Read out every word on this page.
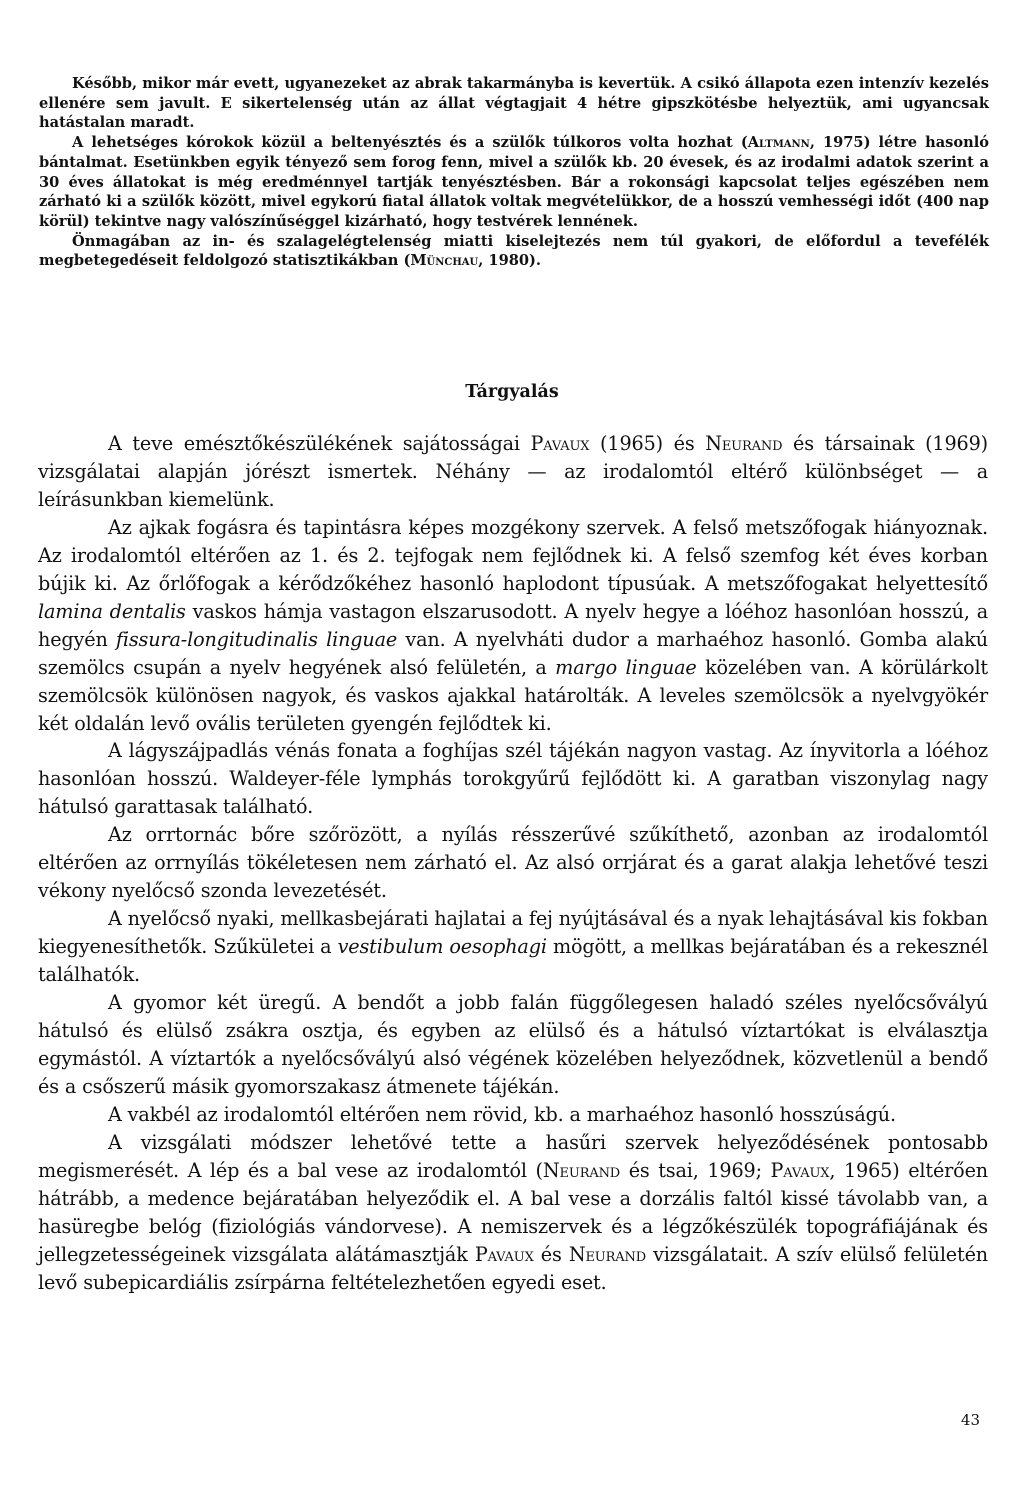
Később, mikor már evett, ugyanezeket az abrak takarmányba is kevertük. A csikó állapota ezen intenzív kezelés ellenére sem javult. E sikertelenség után az állat végtagjait 4 hétre gipszkötésbe helyeztük, ami ugyancsak hatástalan maradt.

A lehetséges kórokok közül a beltenyésztés és a szülők túlkoros volta hozhat (Altmann, 1975) létre hasonló bántalmat. Esetünkben egyik tényező sem forog fenn, mivel a szülők kb. 20 évesek, és az irodalmi adatok szerint a 30 éves állatokat is még eredménnyel tartják tenyésztésben. Bár a rokonsági kapcsolat teljes egészében nem zárható ki a szülők között, mivel egykorú fiatal állatok voltak megvételükkor, de a hosszú vemhességi időt (400 nap körül) tekintve nagy valószínűséggel kizárható, hogy testvérek lennének.

Önmagában az in- és szalagelégtelenség miatti kiselejtezés nem túl gyakori, de előfordul a tevefélék megbetegedéseit feldolgozó statisztikákban (Münchau, 1980).

Tárgyalás

A teve emésztőkészülékének sajátosságai Pavaux (1965) és Neurand és társainak (1969) vizsgálatai alapján jórészt ismertek. Néhány — az irodalomtól eltérő különbséget — a leírásunkban kiemelünk.

Az ajkak fogásra és tapintásra képes mozgékony szervek. A felső metszőfogak hiányoznak. Az irodalomtól eltérően az 1. és 2. tejfogak nem fejlődnek ki. A felső szemfog két éves korban bújik ki. Az őrlőfogak a kérődzőkéhez hasonló haplodont típusúak. A metszőfogakat helyettesítő lamina dentalis vaskos hámja vastagon elszarusodott. A nyelv hegye a lóéhoz hasonlóan hosszú, a hegyén fissura-longitudinalis linguae van. A nyelvháti dudor a marhaéhoz hasonló. Gomba alakú szemölcs csupán a nyelv hegyének alsó felületén, a margo linguae közelében van. A körülárkolt szemölcsök különösen nagyok, és vaskos ajakkal határolták. A leveles szemölcsök a nyelvgyökér két oldalán levő ovális területen gyengén fejlődtek ki.

A lágyszájpadlás vénás fonata a foghíjas szél tájékán nagyon vastag. Az ínyvitorla a lóéhoz hasonlóan hosszú. Waldeyer-féle lymphás torokgyűrű fejlődött ki. A garatban viszonylag nagy hátulsó garattasak található.

Az orrtornác bőre szőrözött, a nyílás résszerűvé szűkíthető, azonban az irodalomtól eltérően az orrnyílás tökéletesen nem zárható el. Az alsó orrjárat és a garat alakja lehetővé teszi vékony nyelőcső szonda levezetését.

A nyelőcső nyaki, mellkasbejárati hajlatai a fej nyújtásával és a nyak lehajtásával kis fokban kiegyenesíthetők. Szűkületei a vestibulum oesophagi mögött, a mellkas bejáratában és a rekesznél találhatók.

A gyomor két üregű. A bendőt a jobb falán függőlegesen haladó széles nyelőcsővályú hátulsó és elülső zsákra osztja, és egyben az elülső és a hátulsó víztartókat is elválasztja egymástól. A víztartók a nyelőcsővályú alsó végének közelében helyeződnek, közvetlenül a bendő és a csőszerű másik gyomorszakasz átmenete tájékán.

A vakbél az irodalomtól eltérően nem rövid, kb. a marhaéhoz hasonló hosszúságú.

A vizsgálati módszer lehetővé tette a hasűri szervek helyeződésének pontosabb megismerését. A lép és a bal vese az irodalomtól (Neurand és tsai, 1969; Pavaux, 1965) eltérően hátrább, a medence bejáratában helyeződik el. A bal vese a dorzális faltól kissé távolabb van, a hasüregbe belóg (fiziológiás vándorvese). A nemiszervek és a légzőkészülék topográfiájának és jellegzetességeinek vizsgálata alátámasztják Pavaux és Neurand vizsgálatait. A szív elülső felületén levő subepicardiális zsírpárna feltételezhetően egyedi eset.

43
